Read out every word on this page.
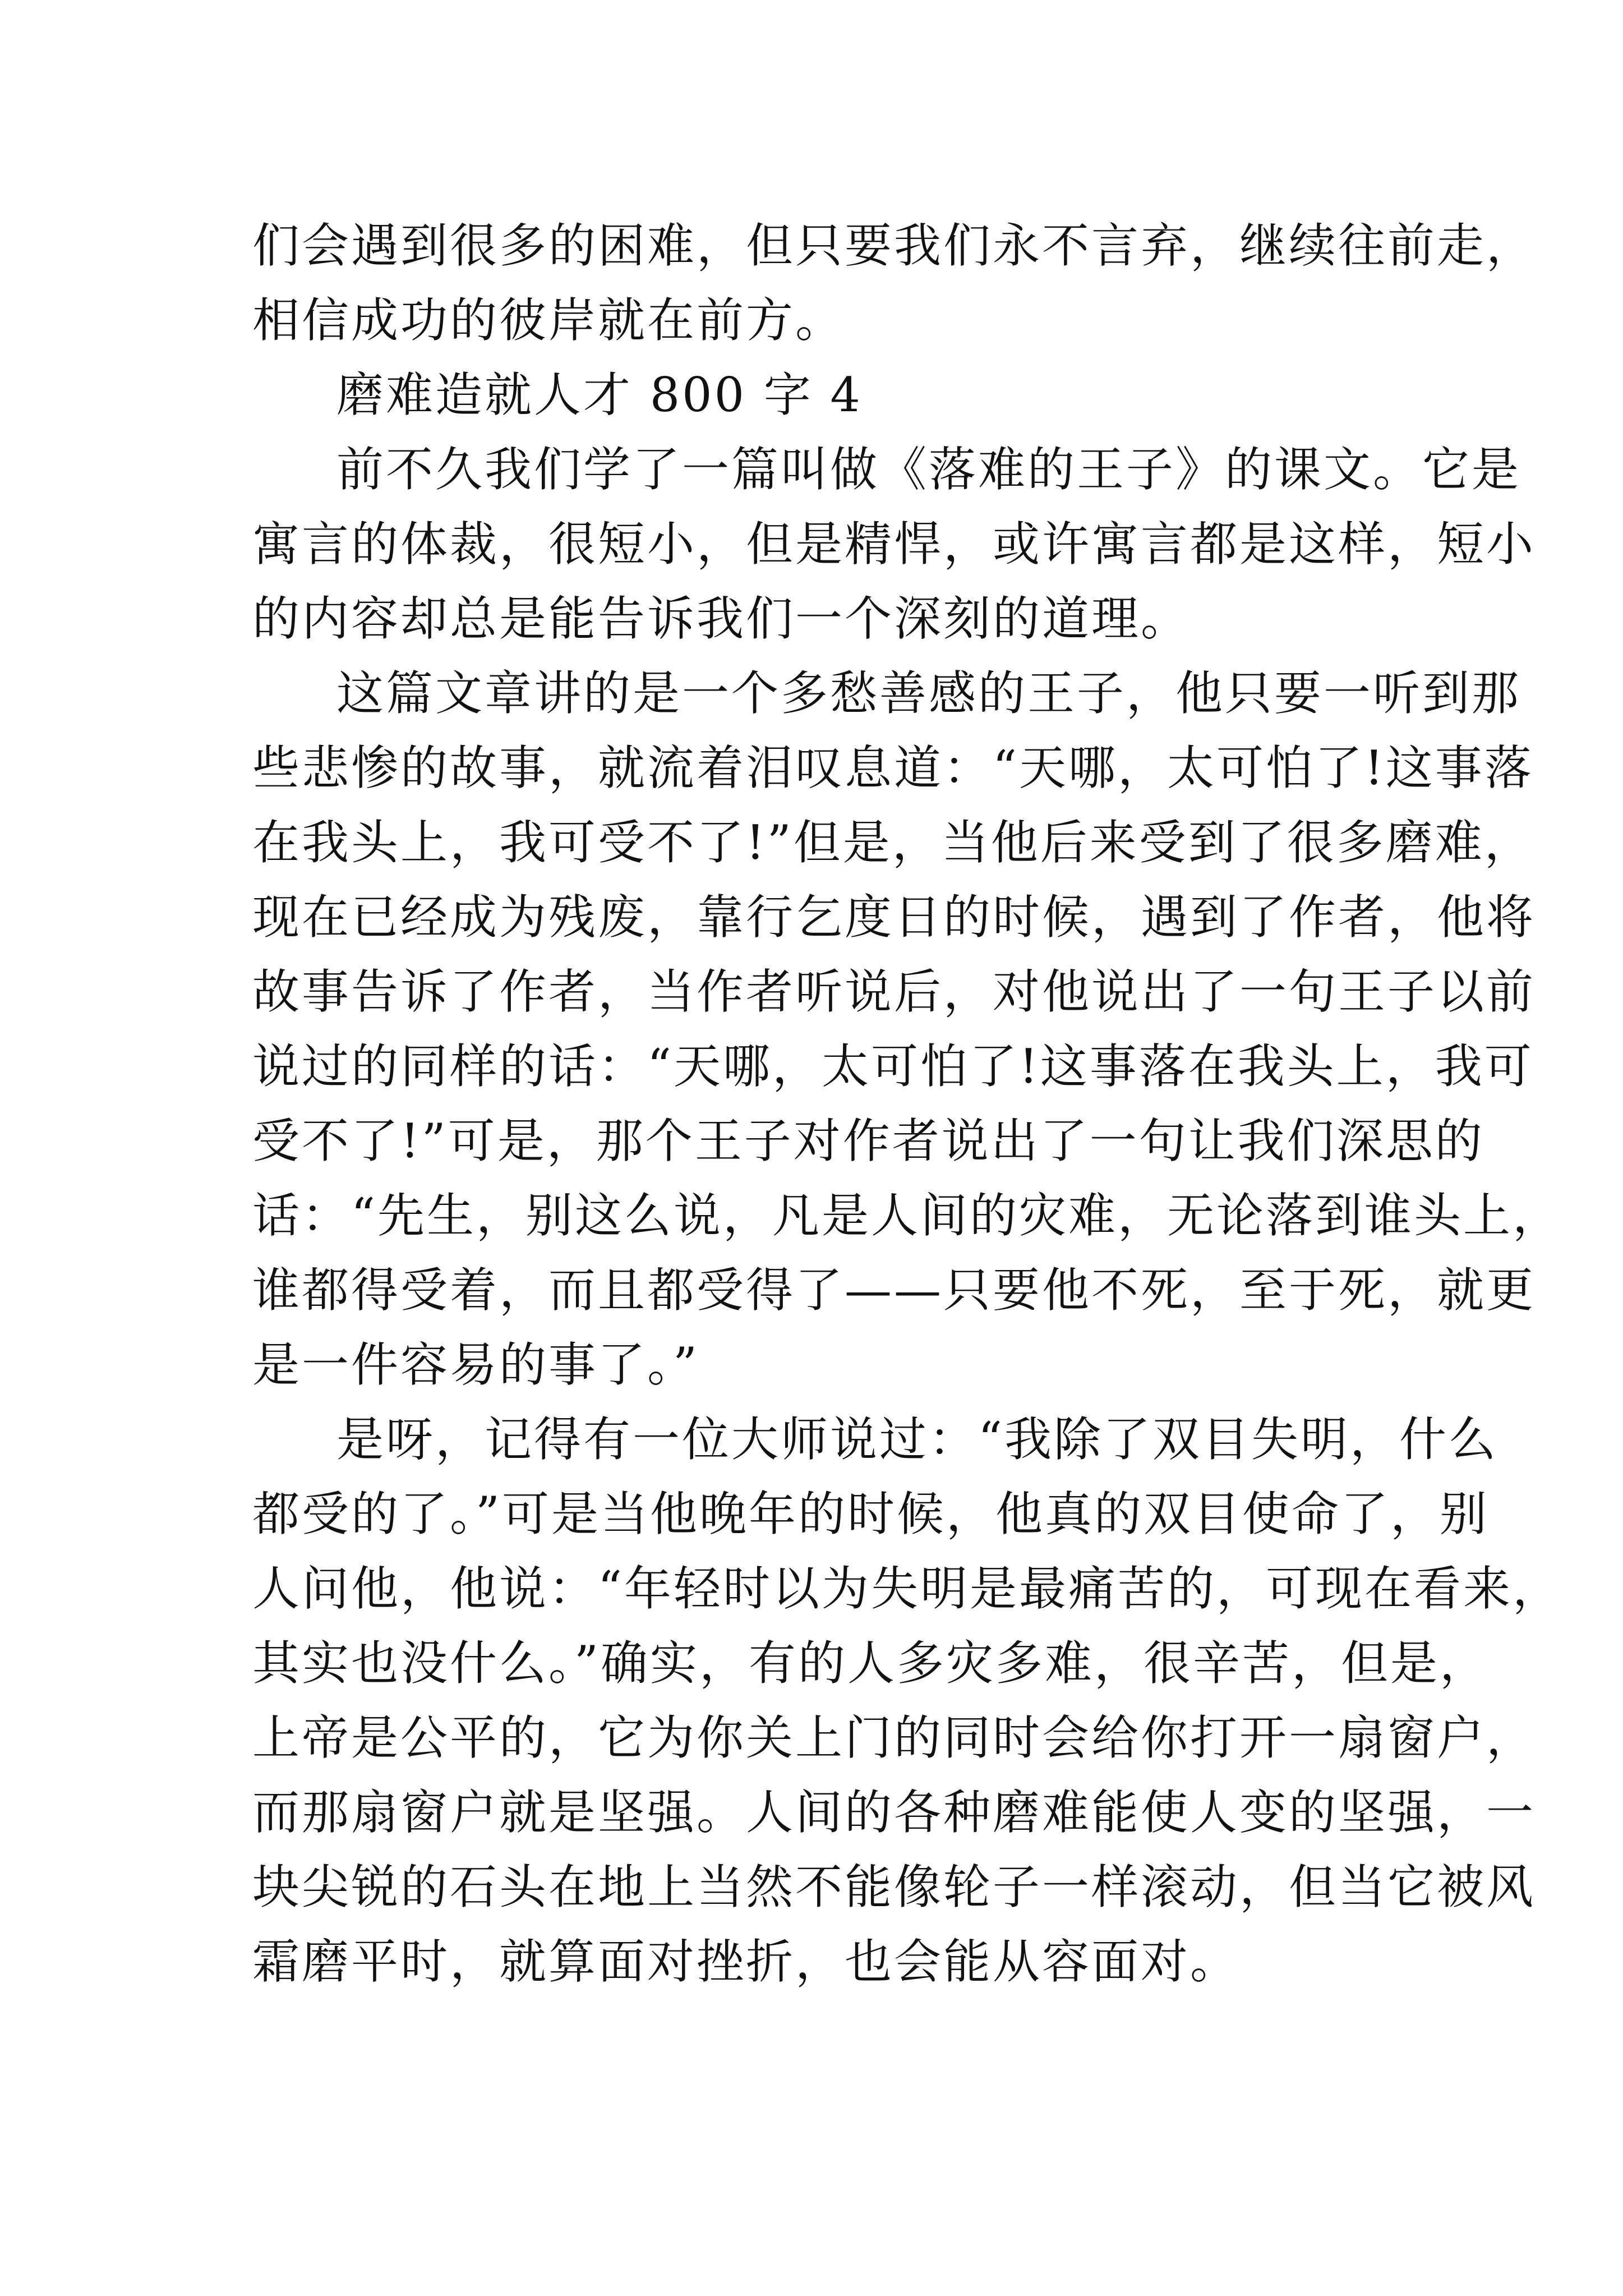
们会遇到很多的困难，但只要我们永不言弃，继续往前走，
相信成功的彼岸就在前方。
磨难造就人才 800 字 4
前不久我们学了一篇叫做《落难的王子》的课文。它是
寓言的体裁，很短小，但是精悍，或许寓言都是这样，短小
的内容却总是能告诉我们一个深刻的道理。
这篇文章讲的是一个多愁善感的王子，他只要一听到那
些悲惨的故事，就流着泪叹息道：“天哪，太可怕了!这事落
在我头上，我可受不了!”但是，当他后来受到了很多磨难，
现在已经成为残废，靠行乞度日的时候，遇到了作者，他将
故事告诉了作者，当作者听说后，对他说出了一句王子以前
说过的同样的话：“天哪，太可怕了!这事落在我头上，我可
受不了!”可是，那个王子对作者说出了一句让我们深思的
话：“先生，别这么说，凡是人间的灾难，无论落到谁头上，
谁都得受着，而且都受得了——只要他不死，至于死，就更
是一件容易的事了。”
是呀，记得有一位大师说过：“我除了双目失明，什么
都受的了。”可是当他晚年的时候，他真的双目使命了，别
人问他，他说：“年轻时以为失明是最痛苦的，可现在看来，
其实也没什么。”确实，有的人多灾多难，很辛苦，但是，
上帝是公平的，它为你关上门的同时会给你打开一扇窗户，
而那扇窗户就是坚强。人间的各种磨难能使人变的坚强，一
块尖锐的石头在地上当然不能像轮子一样滚动，但当它被风
霜磨平时，就算面对挫折，也会能从容面对。
